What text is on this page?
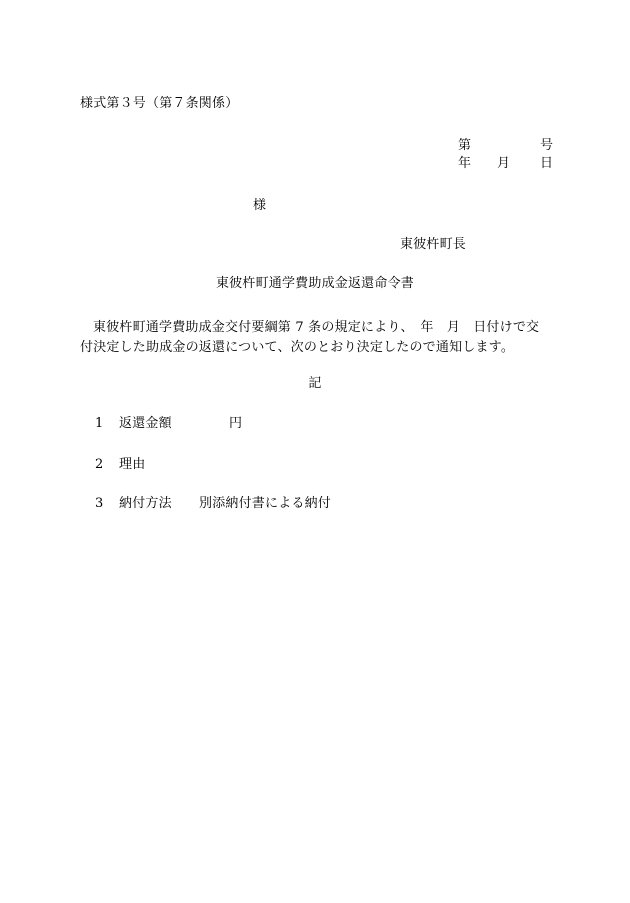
様式第３号（第７条関係）
第	号
年 月 日
様
東彼杵町長
東彼杵町通学費助成金返還命令書
東彼杵町通学費助成金交付要綱第 7 条の規定により、　年　月　日付けで交
付決定した助成金の返還について、次のとおり決定したので通知します。
記
1 返還金額	円
2 理由
3 納付方法 別添納付書による納付
